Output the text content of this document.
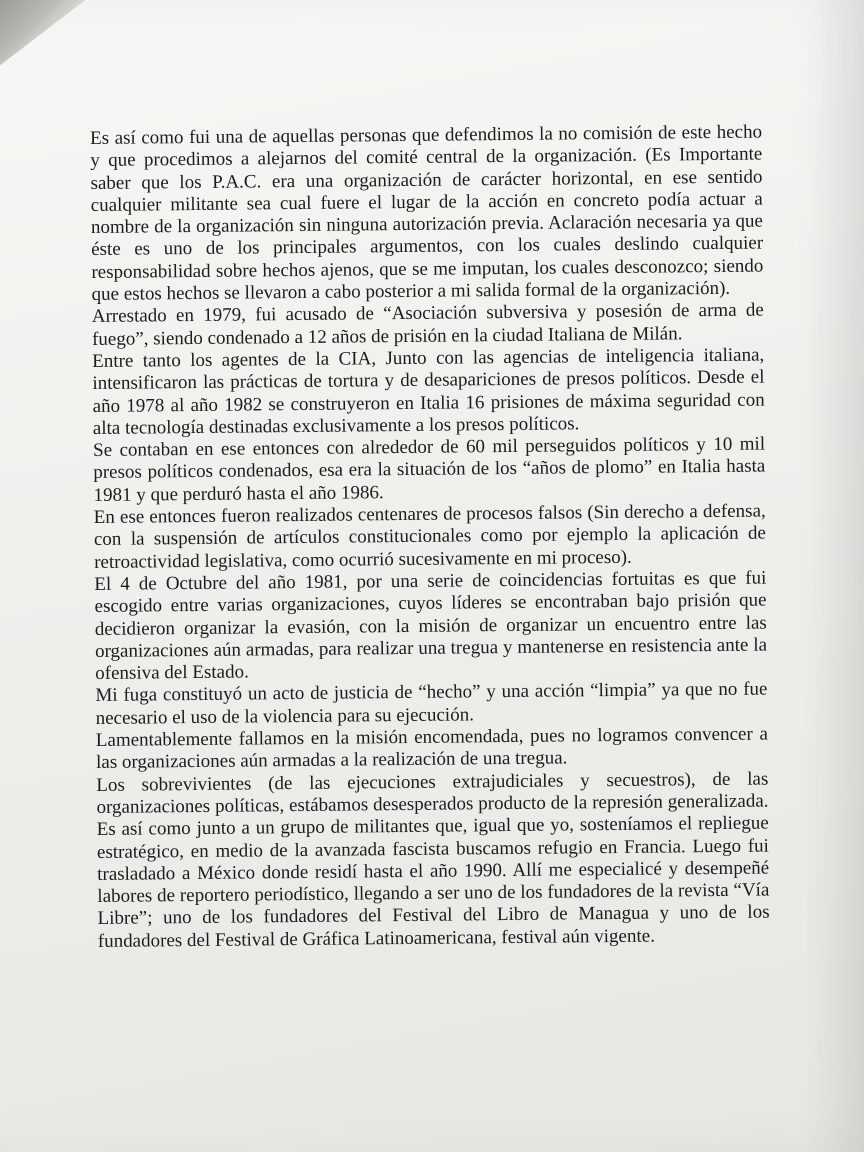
Es así como fui una de aquellas personas que defendimos la no comisión de este hecho y que procedimos a alejarnos del comité central de la organización. (Es Importante saber que los P.A.C. era una organización de carácter horizontal, en ese sentido cualquier militante sea cual fuere el lugar de la acción en concreto podía actuar a nombre de la organización sin ninguna autorización previa. Aclaración necesaria ya que éste es uno de los principales argumentos, con los cuales deslindo cualquier responsabilidad sobre hechos ajenos, que se me imputan, los cuales desconozco; siendo que estos hechos se llevaron a cabo posterior a mi salida formal de la organización).

Arrestado en 1979, fui acusado de “Asociación subversiva y posesión de arma de fuego”, siendo condenado a 12 años de prisión en la ciudad Italiana de Milán.

Entre tanto los agentes de la CIA, Junto con las agencias de inteligencia italiana, intensificaron las prácticas de tortura y de desapariciones de presos políticos. Desde el año 1978 al año 1982 se construyeron en Italia 16 prisiones de máxima seguridad con alta tecnología destinadas exclusivamente a los presos políticos.

Se contaban en ese entonces con alrededor de 60 mil perseguidos políticos y 10 mil presos políticos condenados, esa era la situación de los “años de plomo” en Italia hasta 1981 y que perduró hasta el año 1986.

En ese entonces fueron realizados centenares de procesos falsos (Sin derecho a defensa, con la suspensión de artículos constitucionales como por ejemplo la aplicación de retroactividad legislativa, como ocurrió sucesivamente en mi proceso).

El 4 de Octubre del año 1981, por una serie de coincidencias fortuitas es que fui escogido entre varias organizaciones, cuyos líderes se encontraban bajo prisión que decidieron organizar la evasión, con la misión de organizar un encuentro entre las organizaciones aún armadas, para realizar una tregua y mantenerse en resistencia ante la ofensiva del Estado.

Mi fuga constituyó un acto de justicia de “hecho” y una acción “limpia” ya que no fue necesario el uso de la violencia para su ejecución.

Lamentablemente fallamos en la misión encomendada, pues no logramos convencer a las organizaciones aún armadas a la realización de una tregua.

Los sobrevivientes (de las ejecuciones extrajudiciales y secuestros), de las organizaciones políticas, estábamos desesperados producto de la represión generalizada. Es así como junto a un grupo de militantes que, igual que yo, sosteníamos el repliegue estratégico, en medio de la avanzada fascista buscamos refugio en Francia. Luego fui trasladado a México donde residí hasta el año 1990. Allí me especialicé y desempeñé labores de reportero periodístico, llegando a ser uno de los fundadores de la revista “Vía Libre”; uno de los fundadores del Festival del Libro de Managua y uno de los fundadores del Festival de Gráfica Latinoamericana, festival aún vigente.
